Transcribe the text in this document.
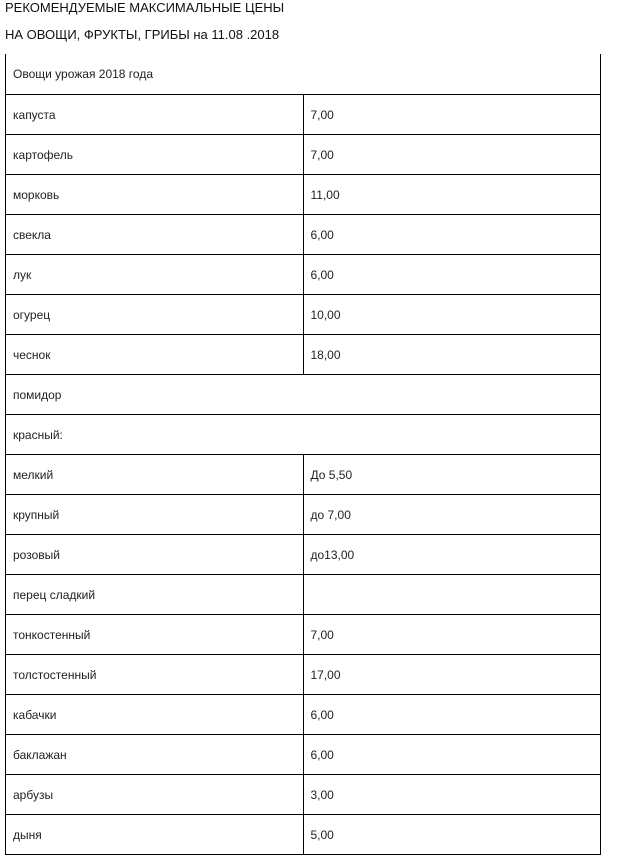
РЕКОМЕНДУЕМЫЕ МАКСИМАЛЬНЫЕ ЦЕНЫ
НА ОВОЩИ, ФРУКТЫ, ГРИБЫ на 11.08 .2018
Овощи урожая 2018 года	
капуста	7,00
картофель	7,00
морковь	11,00
свекла	6,00
лук	6,00
огурец	10,00
чеснок	18,00
помидор	
красный:	
мелкий	До 5,50
крупный	до 7,00
розовый	до13,00
перец сладкий	
тонкостенный	7,00
толстостенный	17,00
кабачки	6,00
баклажан	6,00
арбузы	3,00
дыня	5,00
